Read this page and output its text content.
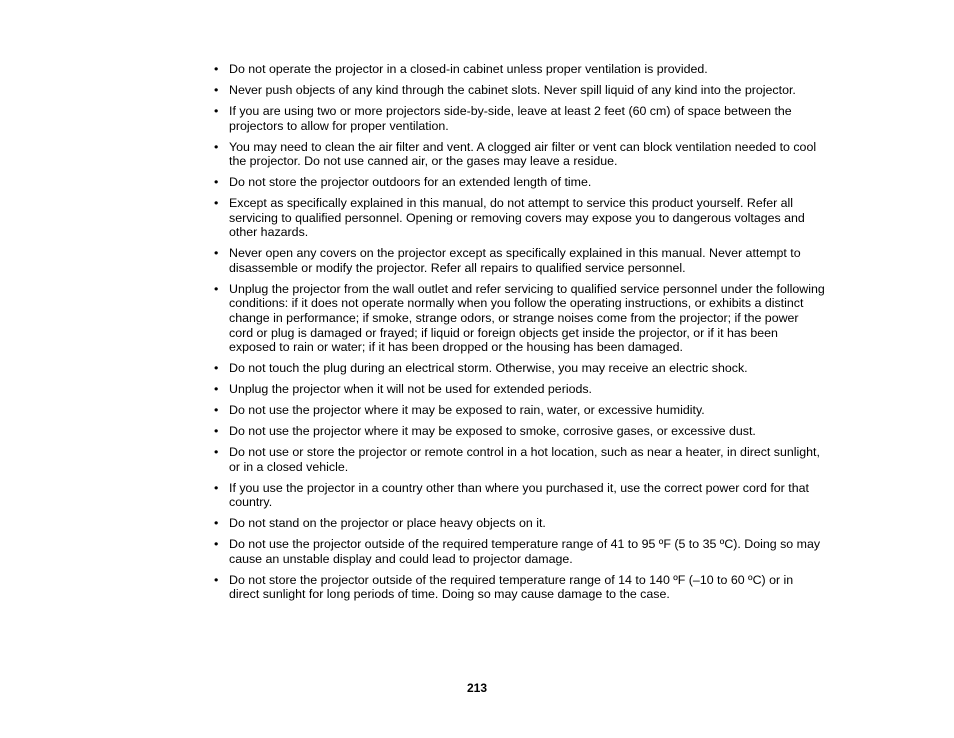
• Do not operate the projector in a closed-in cabinet unless proper ventilation is provided.
• Never push objects of any kind through the cabinet slots. Never spill liquid of any kind into the projector.
• If you are using two or more projectors side-by-side, leave at least 2 feet (60 cm) of space between the projectors to allow for proper ventilation.
• You may need to clean the air filter and vent. A clogged air filter or vent can block ventilation needed to cool the projector. Do not use canned air, or the gases may leave a residue.
• Do not store the projector outdoors for an extended length of time.
• Except as specifically explained in this manual, do not attempt to service this product yourself. Refer all servicing to qualified personnel. Opening or removing covers may expose you to dangerous voltages and other hazards.
• Never open any covers on the projector except as specifically explained in this manual. Never attempt to disassemble or modify the projector. Refer all repairs to qualified service personnel.
• Unplug the projector from the wall outlet and refer servicing to qualified service personnel under the following conditions: if it does not operate normally when you follow the operating instructions, or exhibits a distinct change in performance; if smoke, strange odors, or strange noises come from the projector; if the power cord or plug is damaged or frayed; if liquid or foreign objects get inside the projector, or if it has been exposed to rain or water; if it has been dropped or the housing has been damaged.
• Do not touch the plug during an electrical storm. Otherwise, you may receive an electric shock.
• Unplug the projector when it will not be used for extended periods.
• Do not use the projector where it may be exposed to rain, water, or excessive humidity.
• Do not use the projector where it may be exposed to smoke, corrosive gases, or excessive dust.
• Do not use or store the projector or remote control in a hot location, such as near a heater, in direct sunlight, or in a closed vehicle.
• If you use the projector in a country other than where you purchased it, use the correct power cord for that country.
• Do not stand on the projector or place heavy objects on it.
• Do not use the projector outside of the required temperature range of 41 to 95 ºF (5 to 35 ºC). Doing so may cause an unstable display and could lead to projector damage.
• Do not store the projector outside of the required temperature range of 14 to 140 ºF (–10 to 60 ºC) or in direct sunlight for long periods of time. Doing so may cause damage to the case.
213
